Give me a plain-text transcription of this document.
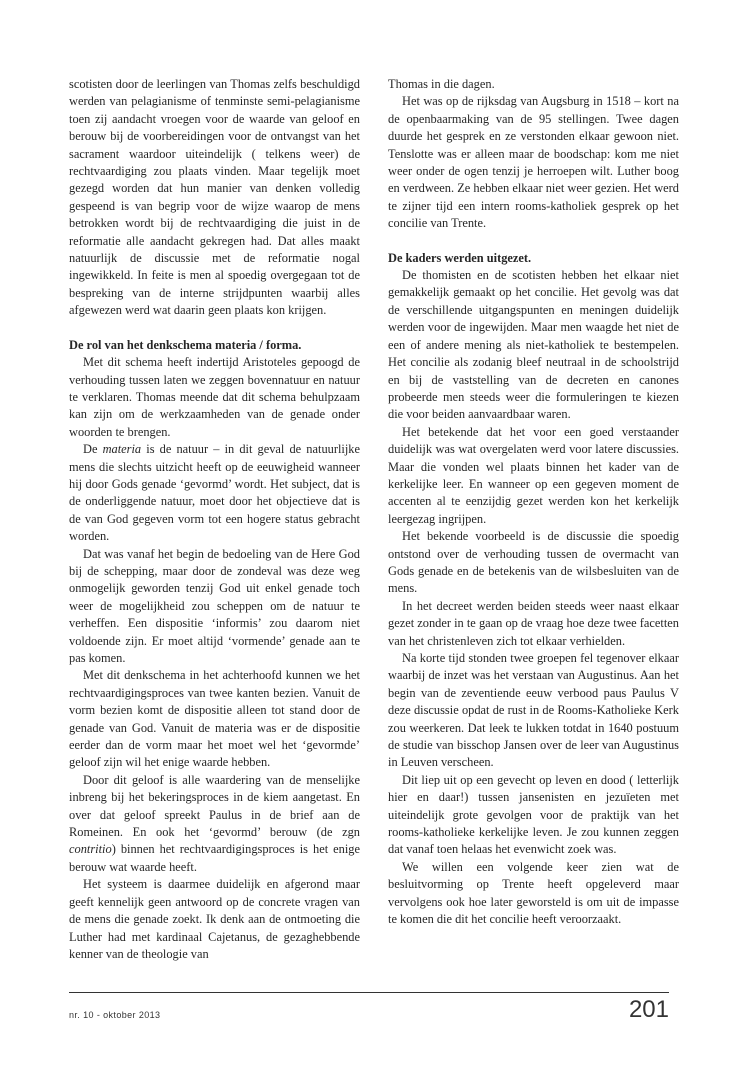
scotisten door de leerlingen van Thomas zelfs beschuldigd werden van pelagianisme of tenminste semi-pelagianisme toen zij aandacht vroegen voor de waarde van geloof en berouw bij de voorbereidingen voor de ontvangst van het sacrament waardoor uiteindelijk ( telkens weer) de rechtvaardiging zou plaats vinden. Maar tegelijk moet gezegd worden dat hun manier van denken volledig gespeend is van begrip voor de wijze waarop de mens betrokken wordt bij de rechtvaardiging die juist in de reformatie alle aandacht gekregen had. Dat alles maakt natuurlijk de discussie met de reformatie nogal ingewikkeld. In feite is men al spoedig overgegaan tot de bespreking van de interne strijdpunten waarbij alles afgewezen werd wat daarin geen plaats kon krijgen.

De rol van het denkschema materia / forma.

Met dit schema heeft indertijd Aristoteles gepoogd de verhouding tussen laten we zeggen bovennatuur en natuur te verklaren. Thomas meende dat dit schema behulpzaam kan zijn om de werkzaamheden van de genade onder woorden te brengen.

De materia is de natuur – in dit geval de natuurlijke mens die slechts uitzicht heeft op de eeuwigheid wanneer hij door Gods genade ‘gevormd’ wordt. Het subject, dat is de onderliggende natuur, moet door het objectieve dat is de van God gegeven vorm tot een hogere status gebracht worden.

Dat was vanaf het begin de bedoeling van de Here God bij de schepping, maar door de zondeval was deze weg onmogelijk geworden tenzij God uit enkel genade toch weer de mogelijkheid zou scheppen om de natuur te verheffen. Een dispositie ‘informis’ zou daarom niet voldoende zijn. Er moet altijd ‘vormende’ genade aan te pas komen.

Met dit denkschema in het achterhoofd kunnen we het rechtvaardigingsproces van twee kanten bezien. Vanuit de vorm bezien komt de dispositie alleen tot stand door de genade van God. Vanuit de materia was er de dispositie eerder dan de vorm maar het moet wel het ‘gevormde’ geloof zijn wil het enige waarde hebben.

Door dit geloof is alle waardering van de menselijke inbreng bij het bekeringsproces in de kiem aangetast. En over dat geloof spreekt Paulus in de brief aan de Romeinen. En ook het ‘gevormd’ berouw (de zgn contritio) binnen het rechtvaardigingsproces is het enige berouw wat waarde heeft.

Het systeem is daarmee duidelijk en afgerond maar geeft kennelijk geen antwoord op de concrete vragen van de mens die genade zoekt. Ik denk aan de ontmoeting die Luther had met kardinaal Cajetanus, de gezaghebbende kenner van de theologie van

Thomas in die dagen.

Het was op de rijksdag van Augsburg in 1518 – kort na de openbaarmaking van de 95 stellingen. Twee dagen duurde het gesprek en ze verstonden elkaar gewoon niet. Tenslotte was er alleen maar de boodschap: kom me niet weer onder de ogen tenzij je herroepen wilt. Luther boog en verdween. Ze hebben elkaar niet weer gezien. Het werd te zijner tijd een intern rooms-katholiek gesprek op het concilie van Trente.

De kaders werden uitgezet.

De thomisten en de scotisten hebben het elkaar niet gemakkelijk gemaakt op het concilie. Het gevolg was dat de verschillende uitgangspunten en meningen duidelijk werden voor de ingewijden. Maar men waagde het niet de een of andere mening als niet-katholiek te bestempelen. Het concilie als zodanig bleef neutraal in de schoolstrijd en bij de vaststelling van de decreten en canones probeerde men steeds weer die formuleringen te kiezen die voor beiden aanvaardbaar waren.

Het betekende dat het voor een goed verstaander duidelijk was wat overgelaten werd voor latere discussies. Maar die vonden wel plaats binnen het kader van de kerkelijke leer. En wanneer op een gegeven moment de accenten al te eenzijdig gezet werden kon het kerkelijk leergezag ingrijpen.

Het bekende voorbeeld is de discussie die spoedig ontstond over de verhouding tussen de overmacht van Gods genade en de betekenis van de wilsbesluiten van de mens.

In het decreet werden beiden steeds weer naast elkaar gezet zonder in te gaan op de vraag hoe deze twee facetten van het christenleven zich tot elkaar verhielden.

Na korte tijd stonden twee groepen fel tegenover elkaar waarbij de inzet was het verstaan van Augustinus. Aan het begin van de zeventiende eeuw verbood paus Paulus V deze discussie opdat de rust in de Rooms-Katholieke Kerk zou weerkeren. Dat leek te lukken totdat in 1640 postuum de studie van bisschop Jansen over de leer van Augustinus in Leuven verscheen.

Dit liep uit op een gevecht op leven en dood ( letterlijk hier en daar!) tussen jansenisten en jezuïeten met uiteindelijk grote gevolgen voor de praktijk van het rooms-katholieke kerkelijke leven. Je zou kunnen zeggen dat vanaf toen helaas het evenwicht zoek was.

We willen een volgende keer zien wat de besluitvorming op Trente heeft opgeleverd maar vervolgens ook hoe later geworsteld is om uit de impasse te komen die dit het concilie heeft veroorzaakt.

nr. 10 - oktober 2013	201
